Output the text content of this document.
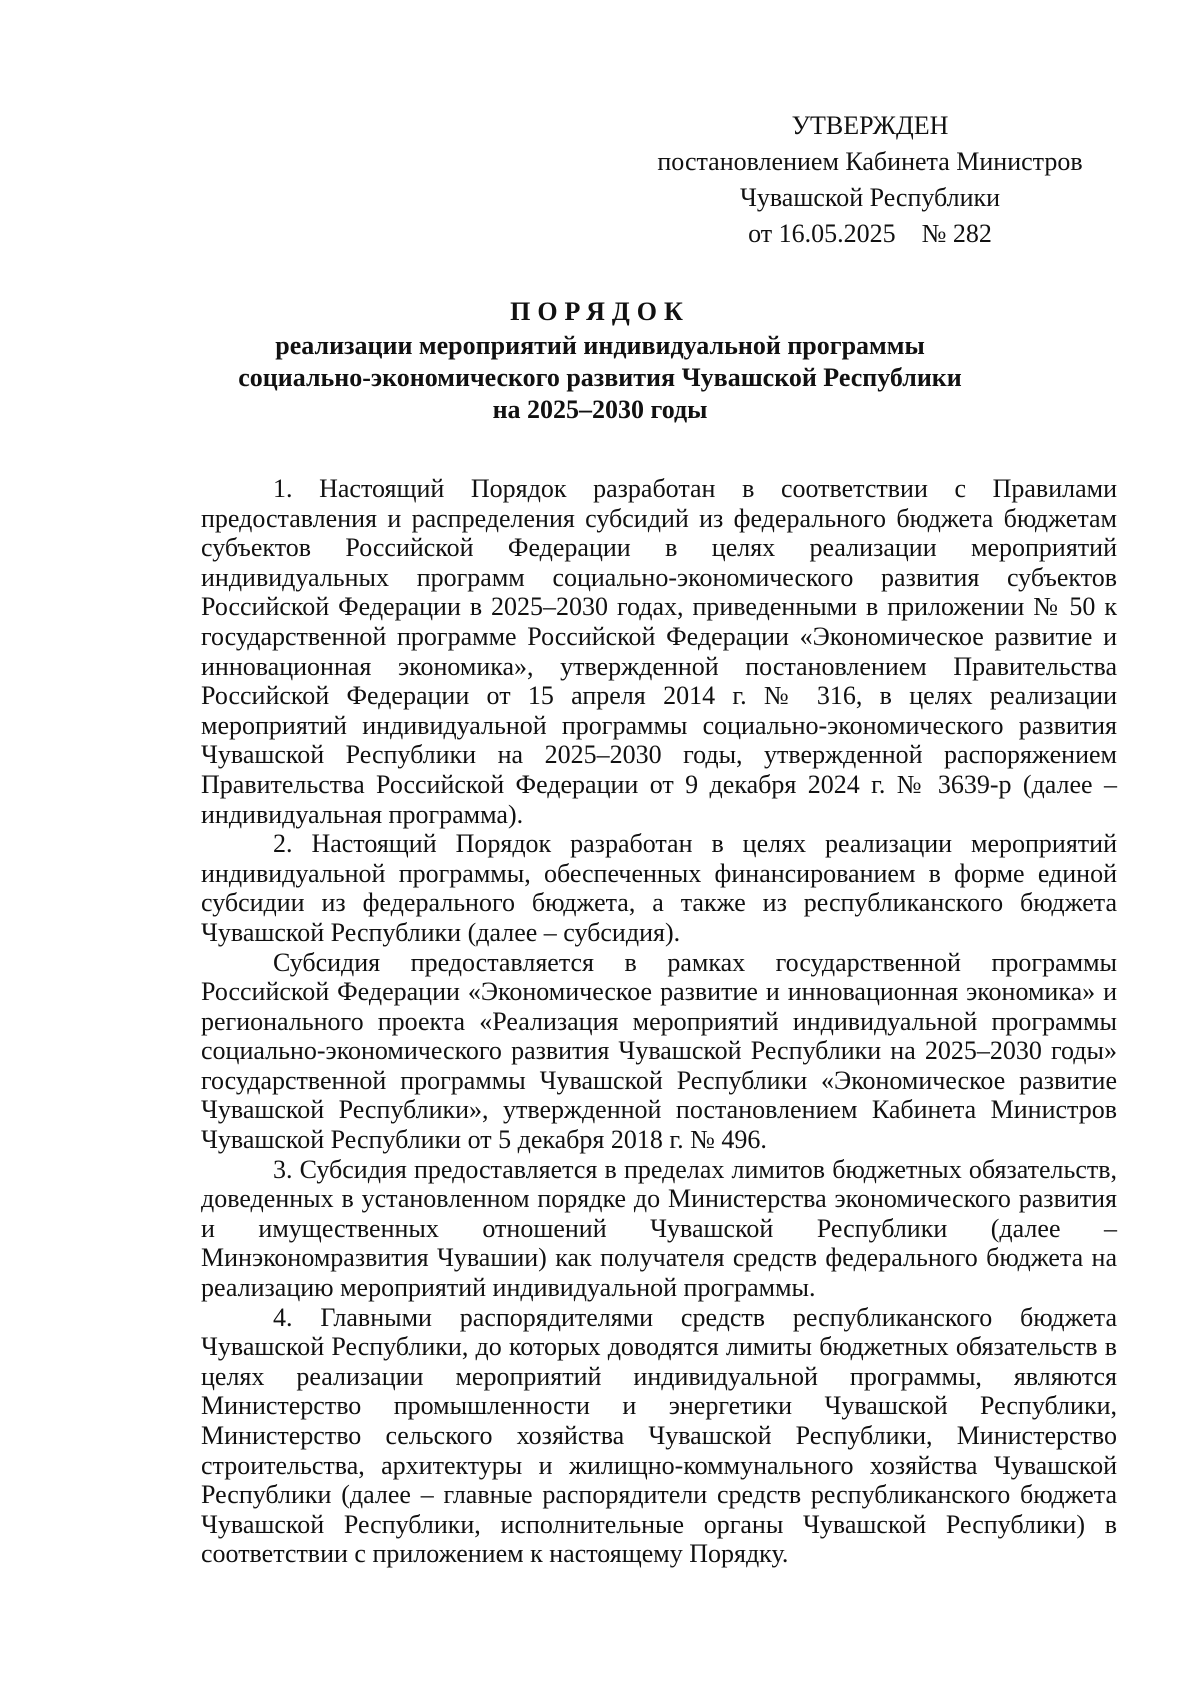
УТВЕРЖДЕН
постановлением Кабинета Министров
Чувашской Республики
от 16.05.2025    № 282
ПОРЯДОК
реализации мероприятий индивидуальной программы
социально-экономического развития Чувашской Республики
на 2025–2030 годы

1. Настоящий Порядок разработан в соответствии с Правилами предоставления и распределения субсидий из федерального бюджета бюджетам субъектов Российской Федерации в целях реализации мероприятий индивидуальных программ социально-экономического развития субъектов Российской Федерации в 2025–2030 годах, приведенными в приложении № 50 к государственной программе Российской Федерации «Экономическое развитие и инновационная экономика», утвержденной постановлением Правительства Российской Федерации от 15 апреля 2014 г. № 316, в целях реализации мероприятий индивидуальной программы социально-экономического развития Чувашской Республики на 2025–2030 годы, утвержденной распоряжением Правительства Российской Федерации от 9 декабря 2024 г. № 3639-р (далее – индивидуальная программа).

2. Настоящий Порядок разработан в целях реализации мероприятий индивидуальной программы, обеспеченных финансированием в форме единой субсидии из федерального бюджета, а также из республиканского бюджета Чувашской Республики (далее – субсидия).

Субсидия предоставляется в рамках государственной программы Российской Федерации «Экономическое развитие и инновационная экономика» и регионального проекта «Реализация мероприятий индивидуальной программы социально-экономического развития Чувашской Республики на 2025–2030 годы» государственной программы Чувашской Республики «Экономическое развитие Чувашской Республики», утвержденной постановлением Кабинета Министров Чувашской Республики от 5 декабря 2018 г. № 496.

3. Субсидия предоставляется в пределах лимитов бюджетных обязательств, доведенных в установленном порядке до Министерства экономического развития и имущественных отношений Чувашской Республики (далее – Минэкономразвития Чувашии) как получателя средств федерального бюджета на реализацию мероприятий индивидуальной программы.

4. Главными распорядителями средств республиканского бюджета Чувашской Республики, до которых доводятся лимиты бюджетных обязательств в целях реализации мероприятий индивидуальной программы, являются Министерство промышленности и энергетики Чувашской Республики, Министерство сельского хозяйства Чувашской Республики, Министерство строительства, архитектуры и жилищно-коммунального хозяйства Чувашской Республики (далее – главные распорядители средств республиканского бюджета Чувашской Республики, исполнительные органы Чувашской Республики) в соответствии с приложением к настоящему Порядку.
